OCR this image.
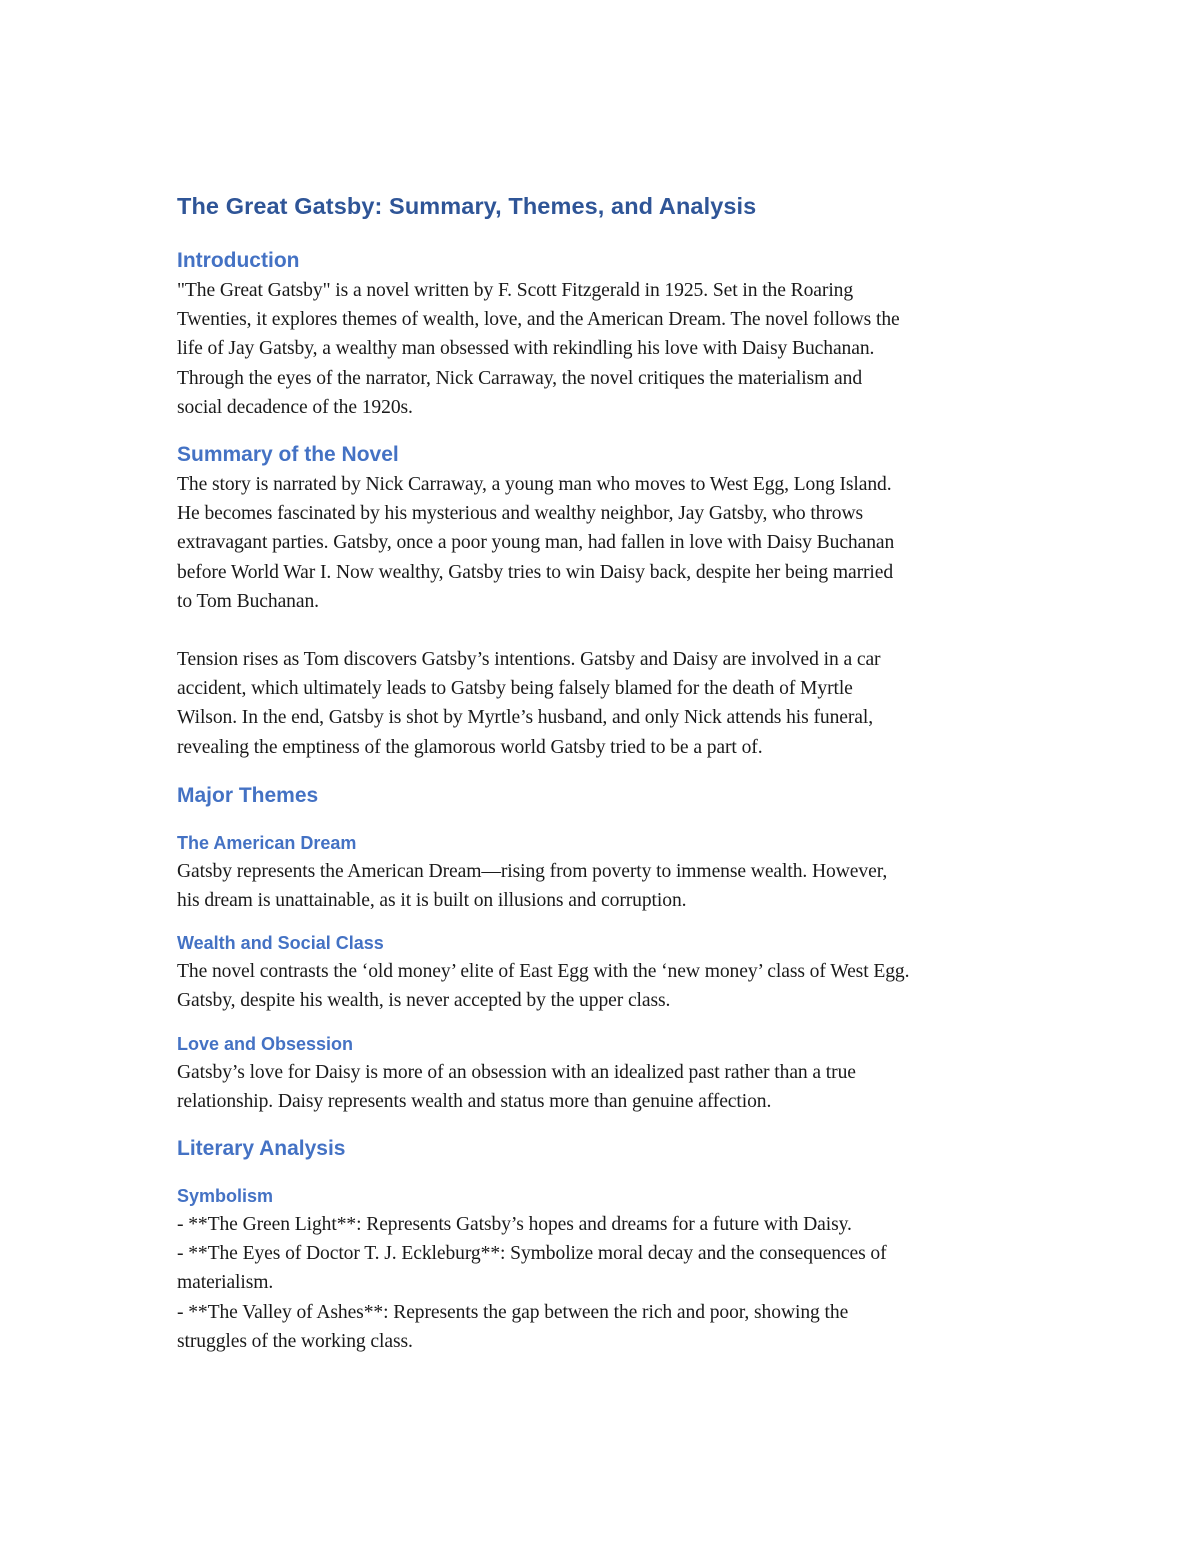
The Great Gatsby: Summary, Themes, and Analysis
Introduction
"The Great Gatsby" is a novel written by F. Scott Fitzgerald in 1925. Set in the Roaring
Twenties, it explores themes of wealth, love, and the American Dream. The novel follows the
life of Jay Gatsby, a wealthy man obsessed with rekindling his love with Daisy Buchanan.
Through the eyes of the narrator, Nick Carraway, the novel critiques the materialism and
social decadence of the 1920s.
Summary of the Novel
The story is narrated by Nick Carraway, a young man who moves to West Egg, Long Island.
He becomes fascinated by his mysterious and wealthy neighbor, Jay Gatsby, who throws
extravagant parties. Gatsby, once a poor young man, had fallen in love with Daisy Buchanan
before World War I. Now wealthy, Gatsby tries to win Daisy back, despite her being married
to Tom Buchanan.
Tension rises as Tom discovers Gatsby’s intentions. Gatsby and Daisy are involved in a car
accident, which ultimately leads to Gatsby being falsely blamed for the death of Myrtle
Wilson. In the end, Gatsby is shot by Myrtle’s husband, and only Nick attends his funeral,
revealing the emptiness of the glamorous world Gatsby tried to be a part of.
Major Themes
The American Dream
Gatsby represents the American Dream—rising from poverty to immense wealth. However,
his dream is unattainable, as it is built on illusions and corruption.
Wealth and Social Class
The novel contrasts the ‘old money’ elite of East Egg with the ‘new money’ class of West Egg.
Gatsby, despite his wealth, is never accepted by the upper class.
Love and Obsession
Gatsby’s love for Daisy is more of an obsession with an idealized past rather than a true
relationship. Daisy represents wealth and status more than genuine affection.
Literary Analysis
Symbolism
- **The Green Light**: Represents Gatsby’s hopes and dreams for a future with Daisy.
- **The Eyes of Doctor T. J. Eckleburg**: Symbolize moral decay and the consequences of
materialism.
- **The Valley of Ashes**: Represents the gap between the rich and poor, showing the
struggles of the working class.
